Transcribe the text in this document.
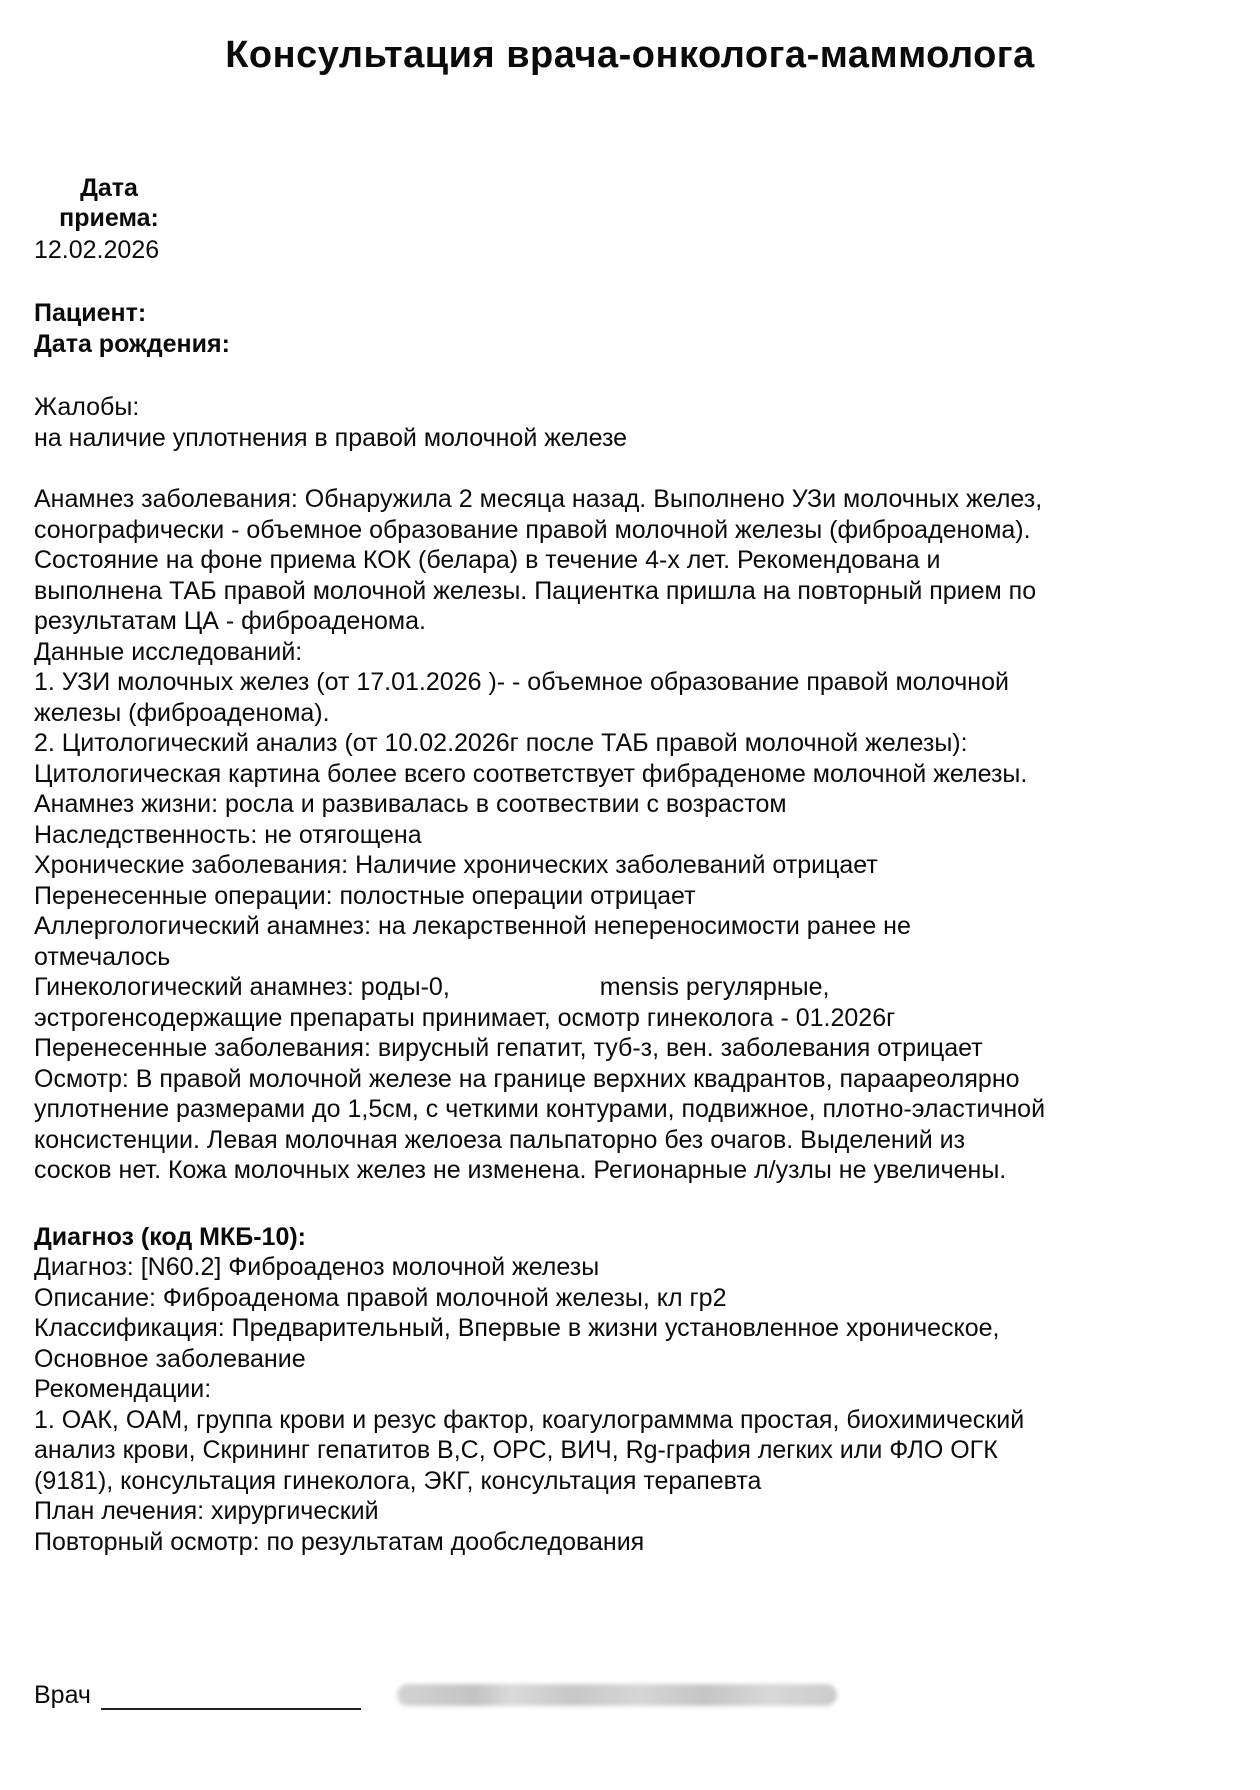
Консультация врача-онколога-маммолога
Дата
приема:
12.02.2026
Пациент:
Дата рождения:
Жалобы:
на наличие уплотнения в правой молочной железе
Анамнез заболевания: Обнаружила 2 месяца назад. Выполнено УЗи молочных желез,
сонографически - объемное образование правой молочной железы (фиброаденома).
Состояние на фоне приема КОК (белара) в течение 4-х лет. Рекомендована и
выполнена ТАБ правой молочной железы. Пациентка пришла на повторный прием по
результатам ЦА - фиброаденома.
Данные исследований:
1. УЗИ молочных желез (от 17.01.2026 )- - объемное образование правой молочной
железы (фиброаденома).
2. Цитологический анализ (от 10.02.2026г после ТАБ правой молочной железы):
Цитологическая картина более всего соответствует фибраденоме молочной железы.
Анамнез жизни: росла и развивалась в соотвествии с возрастом
Наследственность: не отягощена
Хронические заболевания: Наличие хронических заболеваний отрицает
Перенесенные операции: полостные операции отрицает
Аллергологический анамнез: на лекарственной непереносимости ранее не
отмечалось
Гинекологический анамнез: роды-0,	mensis регулярные,
эстрогенсодержащие препараты принимает, осмотр гинеколога - 01.2026г
Перенесенные заболевания: вирусный гепатит, туб-з, вен. заболевания отрицает
Осмотр: В правой молочной железе на границе верхних квадрантов, параареолярно
уплотнение размерами до 1,5см, с четкими контурами, подвижное, плотно-эластичной
консистенции. Левая молочная желоеза пальпаторно без очагов. Выделений из
сосков нет. Кожа молочных желез не изменена. Регионарные л/узлы не увеличены.
Диагноз (код МКБ-10):
Диагноз: [N60.2] Фиброаденоз молочной железы
Описание: Фиброаденома правой молочной железы, кл гр2
Классификация: Предварительный, Впервые в жизни установленное хроническое,
Основное заболевание
Рекомендации:
1. ОАК, ОАМ, группа крови и резус фактор, коагулограммма простая, биохимический
анализ крови, Скрининг гепатитов В,С, ОРС, ВИЧ, Rg-графия легких или ФЛО ОГК
(9181), консультация гинеколога, ЭКГ, консультация терапевта
План лечения: хирургический
Повторный осмотр: по результатам дообследования
Врач
